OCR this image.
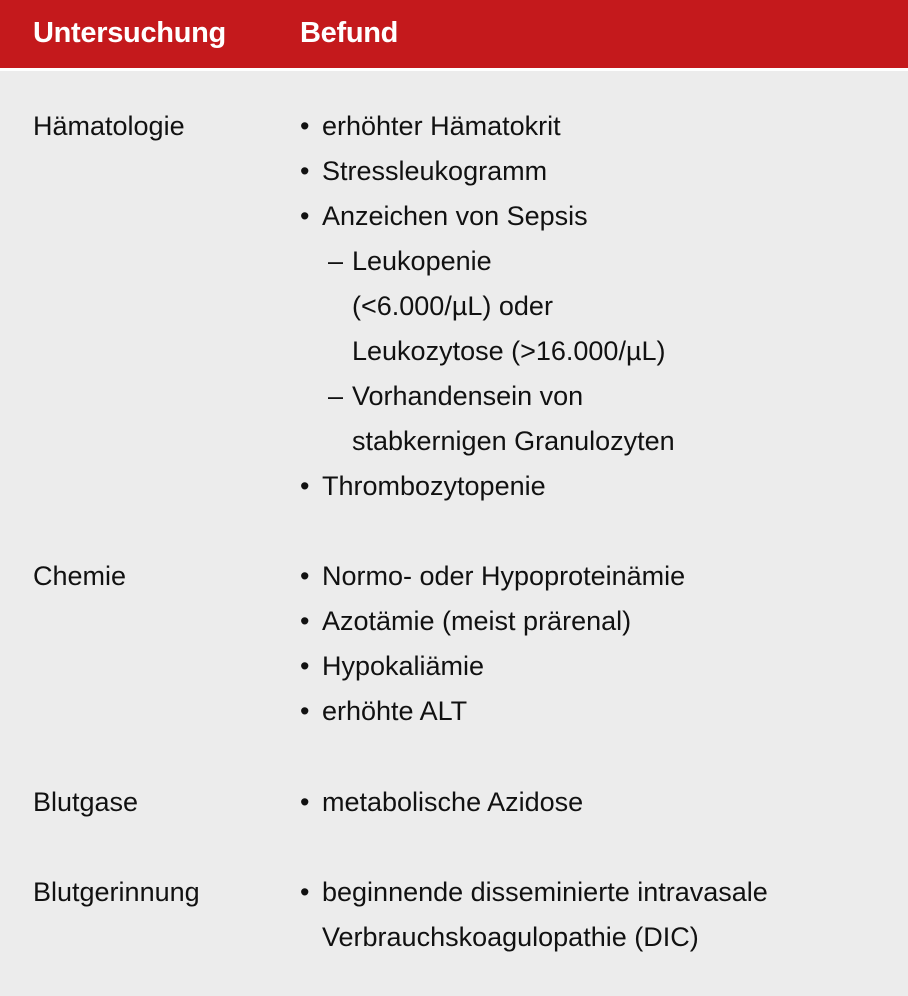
Untersuchung	Befund
Hämatologie	• erhöhter Hämatokrit
• Stressleukogramm
• Anzeichen von Sepsis
– Leukopenie
(<6.000/µL) oder
Leukozytose (>16.000/µL)
– Vorhandensein von
stabkernigen Granulozyten
• Thrombozytopenie
Chemie	• Normo- oder Hypoproteinämie
• Azotämie (meist prärenal)
• Hypokaliämie
• erhöhte ALT
Blutgase	• metabolische Azidose
Blutgerinnung	• beginnende disseminierte intravasale
Verbrauchskoagulopathie (DIC)
